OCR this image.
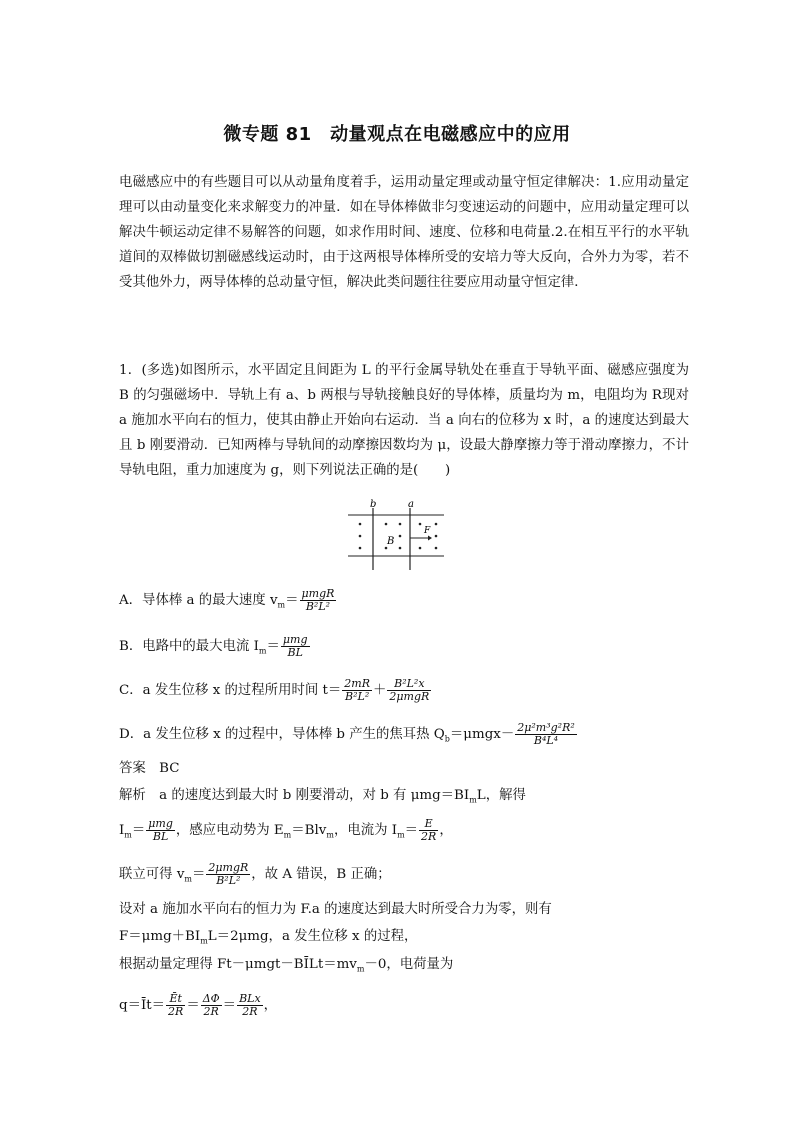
微专题 81　动量观点在电磁感应中的应用
电磁感应中的有些题目可以从动量角度着手，运用动量定理或动量守恒定律解决：1.应用动量定理可以由动量变化来求解变力的冲量．如在导体棒做非匀变速运动的问题中，应用动量定理可以解决牛顿运动定律不易解答的问题，如求作用时间、速度、位移和电荷量.2.在相互平行的水平轨道间的双棒做切割磁感线运动时，由于这两根导体棒所受的安培力等大反向，合外力为零，若不受其他外力，两导体棒的总动量守恒，解决此类问题往往要应用动量守恒定律．
1．(多选)如图所示，水平固定且间距为 L 的平行金属导轨处在垂直于导轨平面、磁感应强度为 B 的匀强磁场中．导轨上有 a、b 两根与导轨接触良好的导体棒，质量均为 m，电阻均为 R现对 a 施加水平向右的恒力，使其由静止开始向右运动．当 a 向右的位移为 x 时，a 的速度达到最大且 b 刚要滑动．已知两棒与导轨间的动摩擦因数均为 μ，设最大静摩擦力等于滑动摩擦力，不计导轨电阻，重力加速度为 g，则下列说法正确的是(　　)
b	a
B
F
A．导体棒 a 的最大速度 $v_m= \frac{\text{μmgR}}{\text{B²L²}}$
B．电路中的最大电流 $I_m= \frac{\text{μmg}}{BL}$
C．a 发生位移 x 的过程所用时间 $t= \frac{2mR}{\text{B²L²}} + \frac{\text{B²L²x}}{\text{2μmgR}}$
D．a 发生位移 x 的过程中，导体棒 b 产生的焦耳热 $Q_b=\mu mgx- \frac{\text{2μ²m³g²R²}}{\text{B⁴L⁴}}$
答案　BC
解析　a 的速度达到最大时 b 刚要滑动，对 b 有 $\mu mg=BI_mL$，解得
$I_m= \frac{\text{μmg}}{BL}$ ，感应电动势为 $E_m=Blv_m$，电流为 $I_m= \frac{E}{2R}$ ，
联立可得 $v_m= \frac{\text{2μmgR}}{\text{B²L²}}$ ，故 A 错误，B 正确；
设对 a 施加水平向右的恒力为 F.a 的速度达到最大时所受合力为零，则有
$F=\mu mg+BI_mL=2\mu mg$，a 发生位移 x 的过程，
根据动量定理得 $Ft-\mu mgt-BĪLt=mv_m-0$，电荷量为
q＝Īt＝ $\frac{Ēt}{2R} = \frac{\Delta\Phi}{2R} = \frac{\text{BLx}}{2R}$ ，
